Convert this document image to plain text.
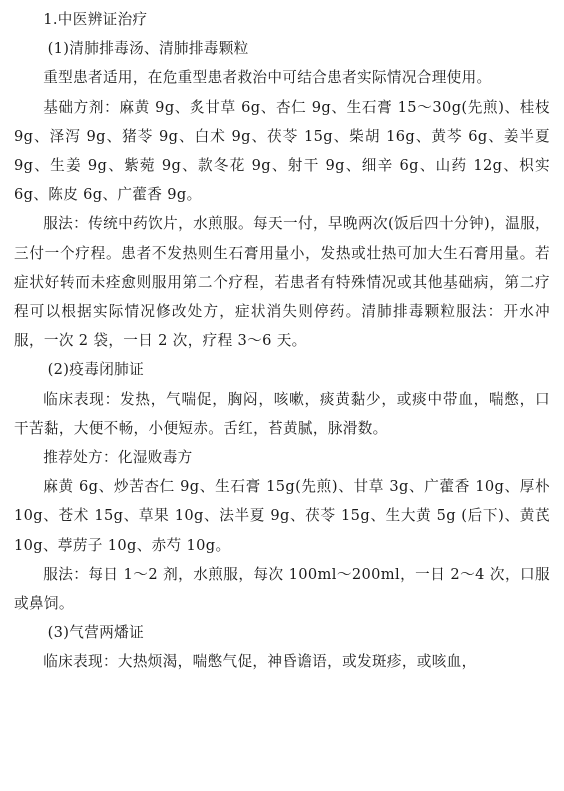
1.中医辨证治疗

(1)清肺排毒汤、清肺排毒颗粒

重型患者适用，在危重型患者救治中可结合患者实际情况合理使用。

基础方剂：麻黄 9g、炙甘草 6g、杏仁 9g、生石膏 15～30g(先煎)、桂枝 9g、泽泻 9g、猪苓 9g、白术 9g、茯苓 15g、柴胡 16g、黄芩 6g、姜半夏 9g、生姜 9g、紫菀 9g、款冬花 9g、射干 9g、细辛 6g、山药 12g、枳实 6g、陈皮 6g、广藿香 9g。

服法：传统中药饮片，水煎服。每天一付，早晚两次(饭后四十分钟)，温服，三付一个疗程。患者不发热则生石膏用量小，发热或壮热可加大生石膏用量。若症状好转而未痊愈则服用第二个疗程，若患者有特殊情况或其他基础病，第二疗程可以根据实际情况修改处方，症状消失则停药。清肺排毒颗粒服法：开水冲服，一次 2 袋，一日 2 次，疗程 3～6 天。

(2)疫毒闭肺证

临床表现：发热，气喘促，胸闷，咳嗽，痰黄黏少，或痰中带血，喘憋，口干苦黏，大便不畅，小便短赤。舌红，苔黄腻，脉滑数。

推荐处方：化湿败毒方

麻黄 6g、炒苦杏仁 9g、生石膏 15g(先煎)、甘草 3g、广藿香 10g、厚朴 10g、苍术 15g、草果 10g、法半夏 9g、茯苓 15g、生大黄 5g (后下)、黄芪 10g、葶苈子 10g、赤芍 10g。

服法：每日 1～2 剂，水煎服，每次 100ml～200ml，一日 2～4 次，口服或鼻饲。

(3)气营两燔证

临床表现：大热烦渴，喘憋气促，神昏谵语，或发斑疹，或咳血，
